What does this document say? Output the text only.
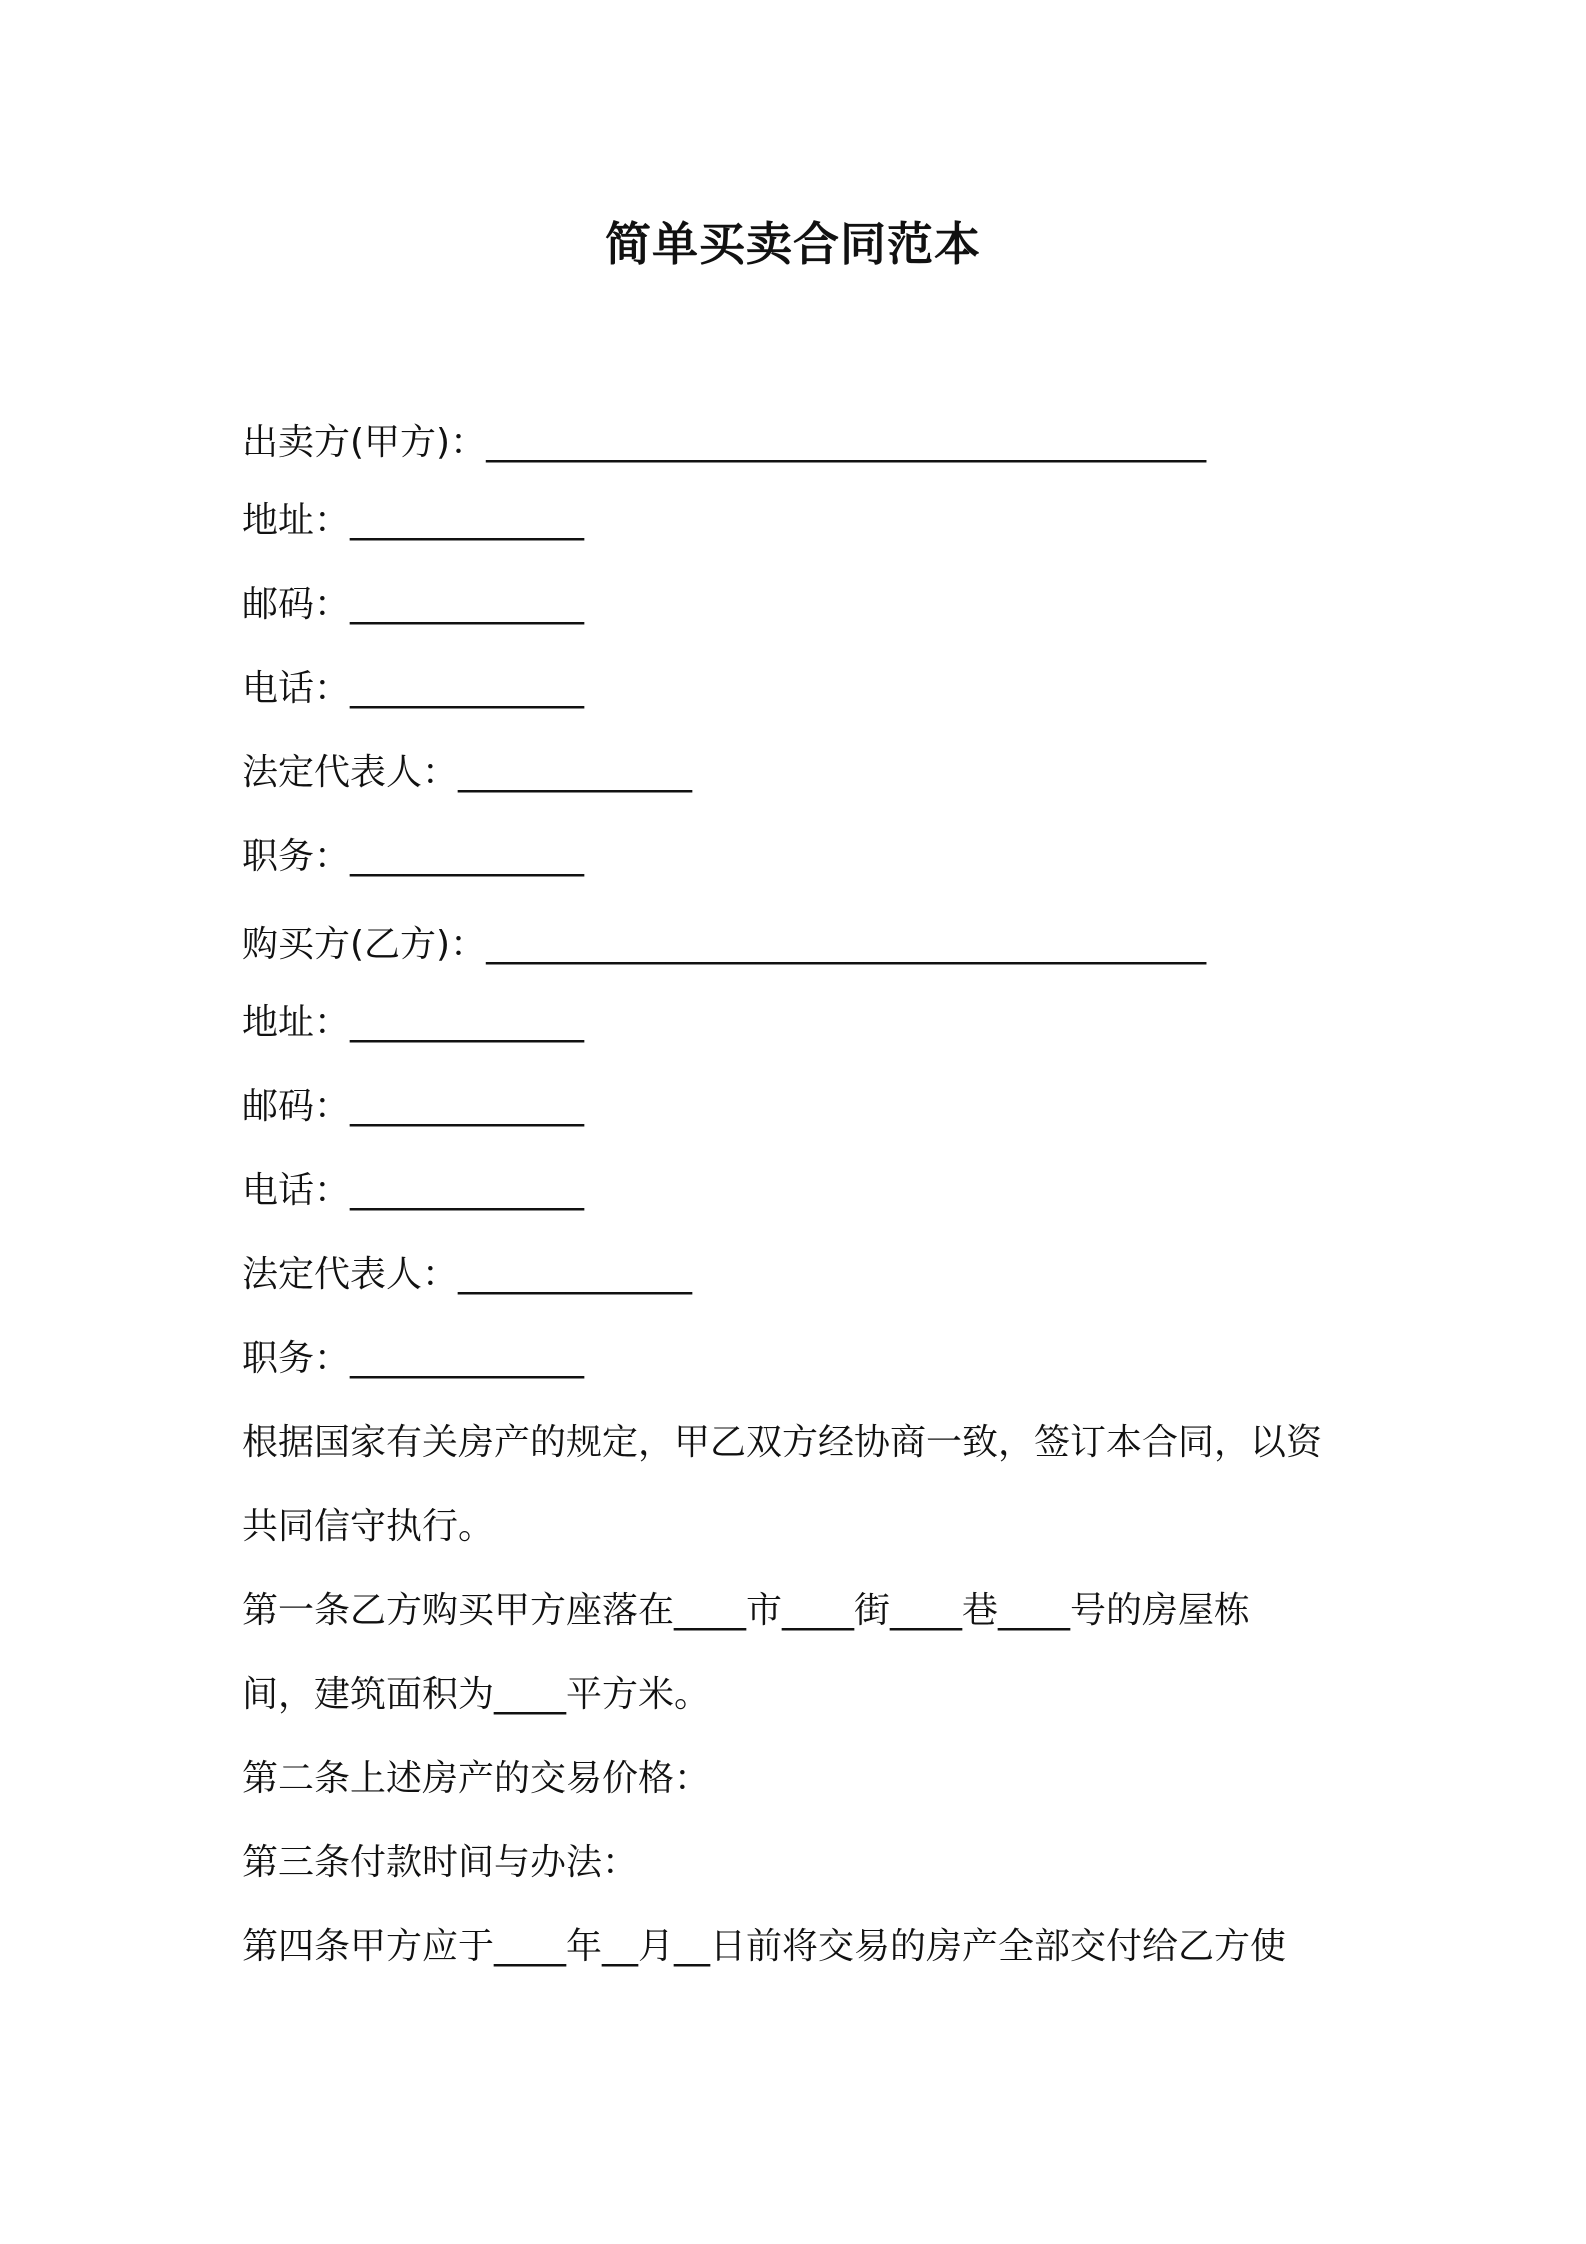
简单买卖合同范本
出卖方(甲方)：________________________________________
地址：_____________
邮码：_____________
电话：_____________
法定代表人：_____________
职务：_____________
购买方(乙方)：________________________________________
地址：_____________
邮码：_____________
电话：_____________
法定代表人：_____________
职务：_____________
根据国家有关房产的规定，甲乙双方经协商一致，签订本合同，以资
共同信守执行。
第一条乙方购买甲方座落在____市____街____巷____号的房屋栋
间，建筑面积为____平方米。
第二条上述房产的交易价格：
第三条付款时间与办法：
第四条甲方应于____年__月__日前将交易的房产全部交付给乙方使
